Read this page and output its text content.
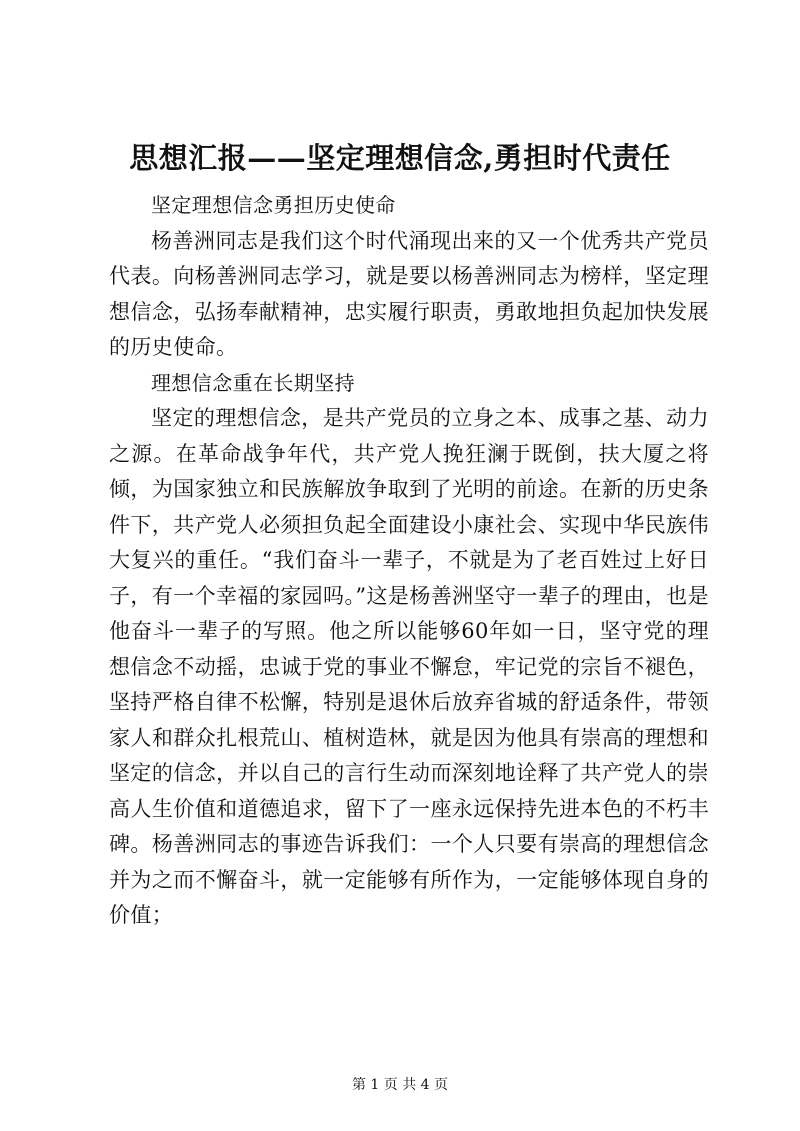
思想汇报——坚定理想信念,勇担时代责任

坚定理想信念勇担历史使命

杨善洲同志是我们这个时代涌现出来的又一个优秀共产党员代表。向杨善洲同志学习，就是要以杨善洲同志为榜样，坚定理想信念，弘扬奉献精神，忠实履行职责，勇敢地担负起加快发展的历史使命。

理想信念重在长期坚持

坚定的理想信念，是共产党员的立身之本、成事之基、动力之源。在革命战争年代，共产党人挽狂澜于既倒，扶大厦之将倾，为国家独立和民族解放争取到了光明的前途。在新的历史条件下，共产党人必须担负起全面建设小康社会、实现中华民族伟大复兴的重任。“我们奋斗一辈子，不就是为了老百姓过上好日子，有一个幸福的家园吗。”这是杨善洲坚守一辈子的理由，也是他奋斗一辈子的写照。他之所以能够60年如一日，坚守党的理想信念不动摇，忠诚于党的事业不懈怠，牢记党的宗旨不褪色，坚持严格自律不松懈，特别是退休后放弃省城的舒适条件，带领家人和群众扎根荒山、植树造林，就是因为他具有崇高的理想和坚定的信念，并以自己的言行生动而深刻地诠释了共产党人的崇高人生价值和道德追求，留下了一座永远保持先进本色的不朽丰碑。杨善洲同志的事迹告诉我们：一个人只要有崇高的理想信念并为之而不懈奋斗，就一定能够有所作为，一定能够体现自身的价值；

第 1 页 共 4 页
